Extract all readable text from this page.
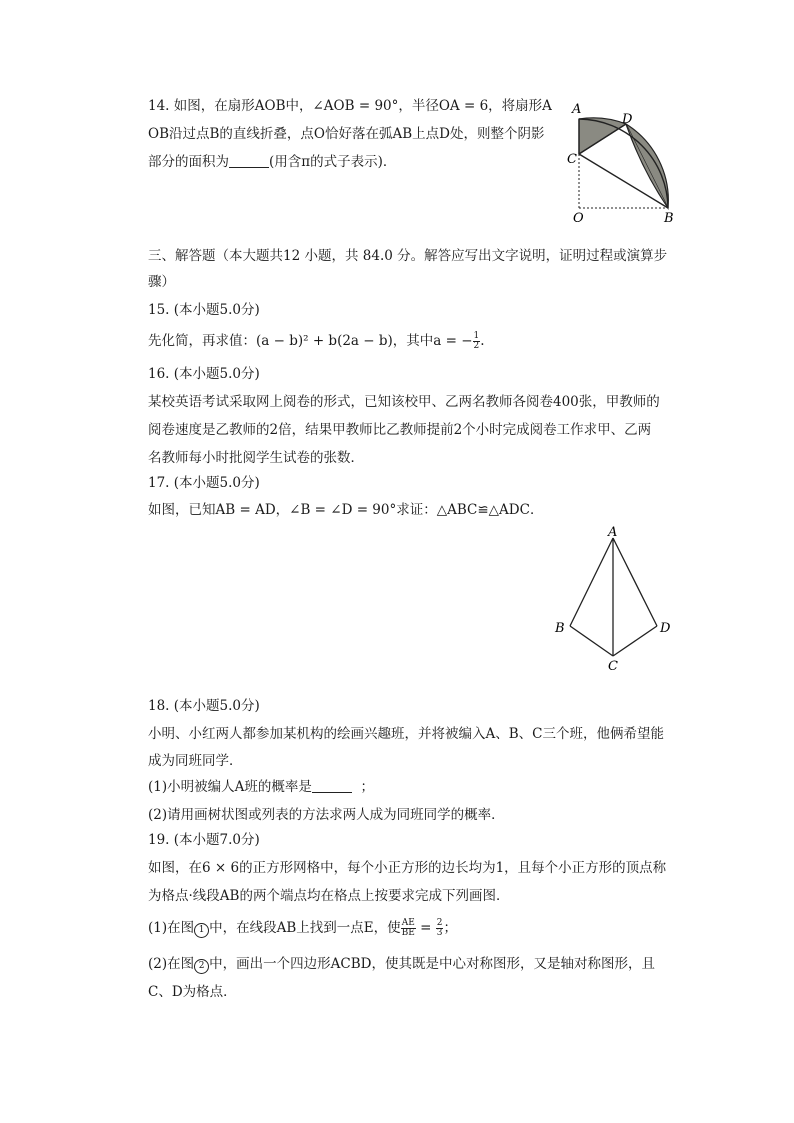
14. 如图，在扇形AOB中，∠AOB = 90°，半径OA = 6，将扇形A
OB沿过点B的直线折叠，点O恰好落在弧AB上点D处，则整个阴影
部分的面积为	(用含π的式子表示)．
A
D
C
O	B
三、解答题（本大题共12 小题，共 84.0 分。解答应写出文字说明，证明过程或演算步
骤）
15. (本小题5.0分)
先化简，再求值：(a − b)² + b(2a − b)，其中a = − $\frac{1}{2}$ .
16. (本小题5.0分)
某校英语考试采取网上阅卷的形式，已知该校甲、乙两名教师各阅卷400张，甲教师的
阅卷速度是乙教师的2倍，结果甲教师比乙教师提前2个小时完成阅卷工作求甲、乙两
名教师每小时批阅学生试卷的张数．
17. (本小题5.0分)
如图，已知AB = AD，∠B = ∠D = 90°求证：△ABC≌△ADC．
A
B
C
D
18. (本小题5.0分)
小明、小红两人都参加某机构的绘画兴趣班，并将被编入A、B、C三个班，他俩希望能
成为同班同学．
(1)小明被编人A班的概率是	；
(2)请用画树状图或列表的方法求两人成为同班同学的概率．
19. (本小题7.0分)
如图，在6 × 6的正方形网格中，每个小正方形的边长均为1，且每个小正方形的顶点称
为格点·线段AB的两个端点均在格点上按要求完成下列画图．
(1)在图 1 中，在线段AB上找到一点E，使 $\frac{AE}{BE} = \frac{2}{3}$ ；
(2)在图 2 中，画出一个四边形ACBD，使其既是中心对称图形，又是轴对称图形，且
C、D为格点．
